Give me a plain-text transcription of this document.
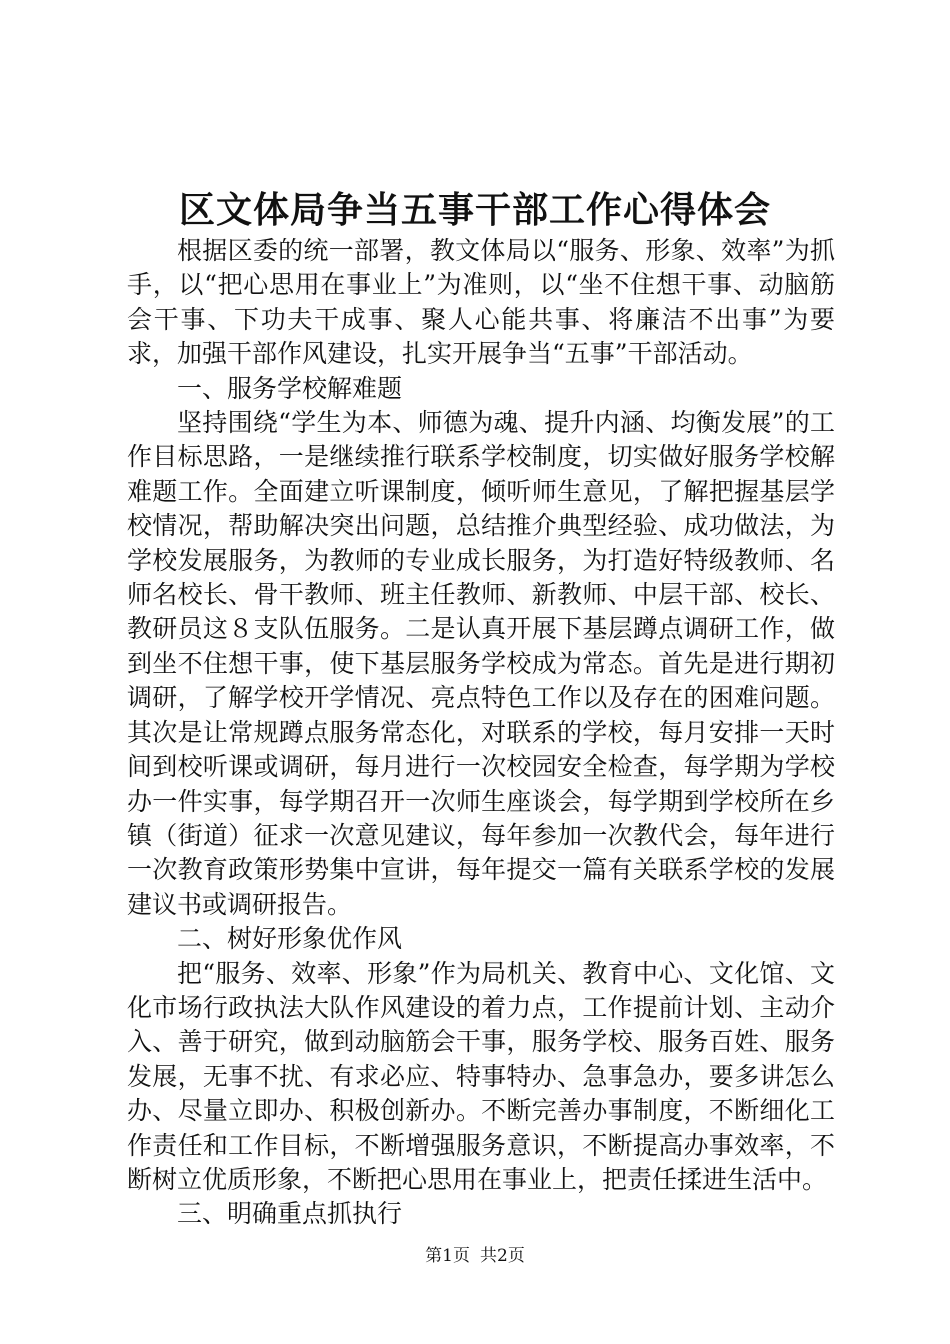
区文体局争当五事干部工作心得体会

根据区委的统一部署，教文体局以“服务、形象、效率”为抓手，以“把心思用在事业上”为准则，以“坐不住想干事、动脑筋会干事、下功夫干成事、聚人心能共事、将廉洁不出事”为要求，加强干部作风建设，扎实开展争当“五事”干部活动。

一、服务学校解难题

坚持围绕“学生为本、师德为魂、提升内涵、均衡发展”的工作目标思路，一是继续推行联系学校制度，切实做好服务学校解难题工作。全面建立听课制度，倾听师生意见，了解把握基层学校情况，帮助解决突出问题，总结推介典型经验、成功做法，为学校发展服务，为教师的专业成长服务，为打造好特级教师、名师名校长、骨干教师、班主任教师、新教师、中层干部、校长、教研员这８支队伍服务。二是认真开展下基层蹲点调研工作，做到坐不住想干事，使下基层服务学校成为常态。首先是进行期初调研，了解学校开学情况、亮点特色工作以及存在的困难问题。其次是让常规蹲点服务常态化，对联系的学校，每月安排一天时间到校听课或调研，每月进行一次校园安全检查，每学期为学校办一件实事，每学期召开一次师生座谈会，每学期到学校所在乡镇（街道）征求一次意见建议，每年参加一次教代会，每年进行一次教育政策形势集中宣讲，每年提交一篇有关联系学校的发展建议书或调研报告。

二、树好形象优作风

把“服务、效率、形象”作为局机关、教育中心、文化馆、文化市场行政执法大队作风建设的着力点，工作提前计划、主动介入、善于研究，做到动脑筋会干事，服务学校、服务百姓、服务发展，无事不扰、有求必应、特事特办、急事急办，要多讲怎么办、尽量立即办、积极创新办。不断完善办事制度，不断细化工作责任和工作目标，不断增强服务意识，不断提高办事效率，不断树立优质形象，不断把心思用在事业上，把责任揉进生活中。

三、明确重点抓执行

第1页 共2页
